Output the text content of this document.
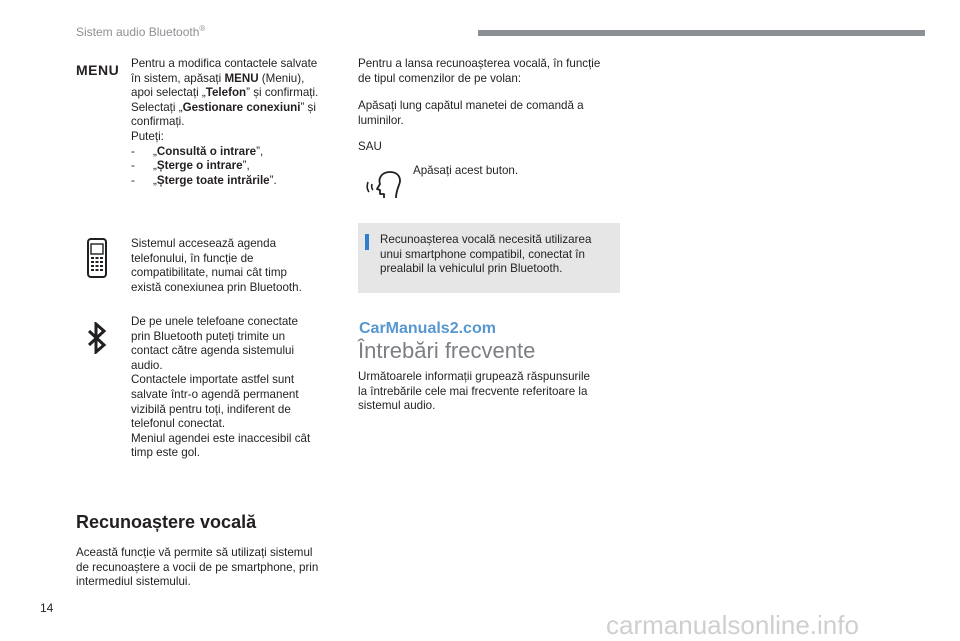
Sistem audio Bluetooth®
MENU Pentru a modifica contactele salvate

în sistem, apăsați MENU (Meniu),

apoi selectați „Telefon” și confirmați.

Selectați „Gestionare conexiuni” și

confirmați.

Puteți:

-	„ Consultă o intrare ”,
-	„ Șterge o intrare ”,
-	„ Șterge toate intrările ”.

Sistemul accesează agenda

telefonului, în funcție de

compatibilitate, numai cât timp

există conexiunea prin Bluetooth.

De pe unele telefoane conectate

prin Bluetooth puteți trimite un

contact către agenda sistemului

audio.

Contactele importate astfel sunt

salvate într-o agendă permanent

vizibilă pentru toți, indiferent de

telefonul conectat.

Meniul agendei este inaccesibil cât

timp este gol.

Recunoaștere vocală

Această funcție vă permite să utilizați sistemul

de recunoaștere a vocii de pe smartphone, prin

intermediul sistemului.

Pentru a lansa recunoașterea vocală, în funcție

de tipul comenzilor de pe volan:

Apăsați lung capătul manetei de comandă a

luminilor.

SAU
Apăsați acest buton.

Recunoașterea vocală necesită utilizarea

unui smartphone compatibil, conectat în

prealabil la vehiculul prin Bluetooth.

CarManuals2.com
Întrebări frecvente

Următoarele informații grupează răspunsurile

la întrebările cele mai frecvente referitoare la

sistemul audio.

14
carmanualsonline.info
